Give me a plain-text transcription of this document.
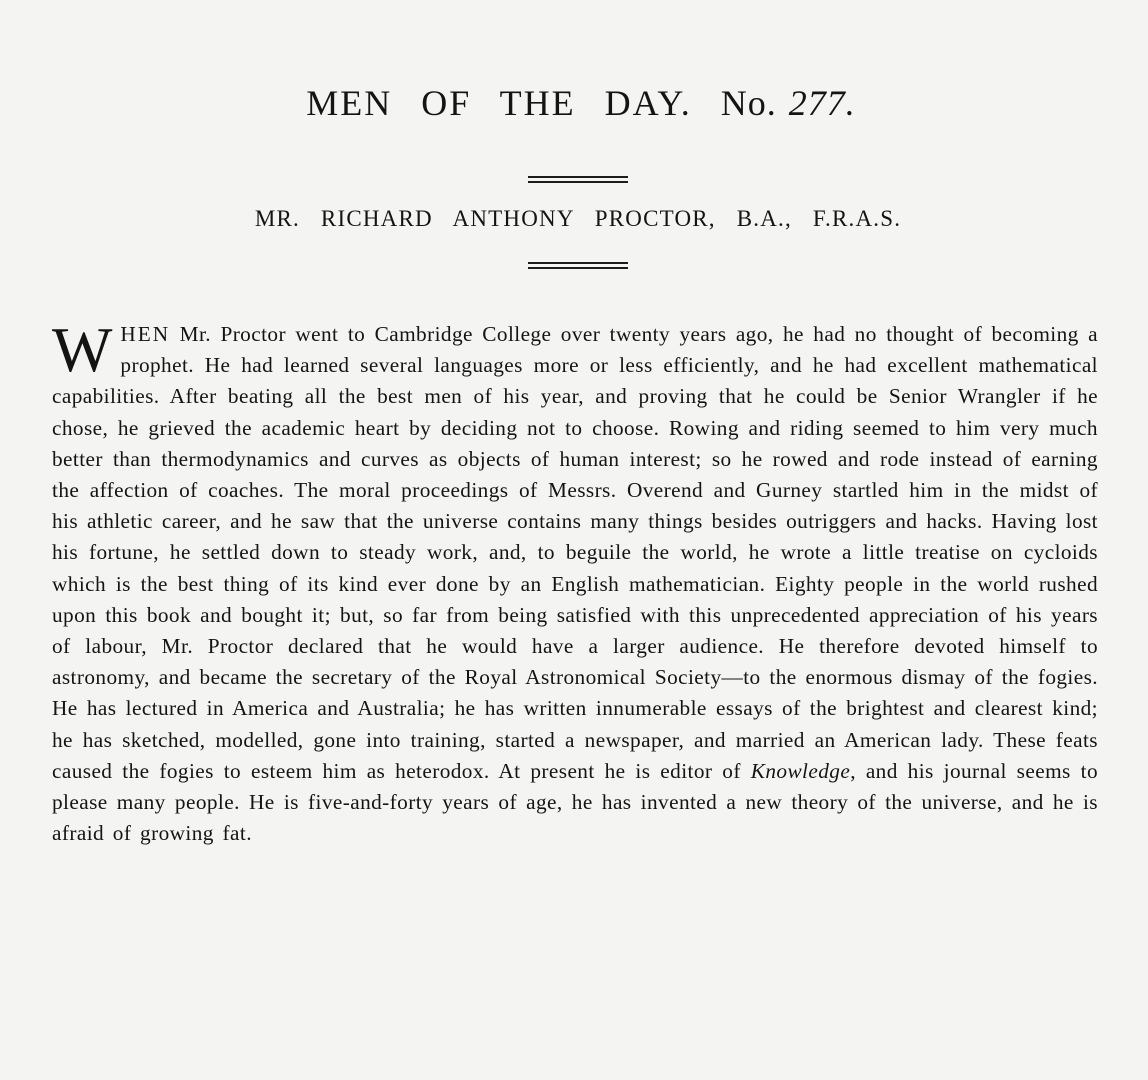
MEN OF THE DAY. No. 277.
MR. RICHARD ANTHONY PROCTOR, B.A., F.R.A.S.

WHEN Mr. Proctor went to Cambridge College over twenty years ago, he had no thought of becoming a prophet. He had learned several languages more or less efficiently, and he had excellent mathematical capabilities. After beating all the best men of his year, and proving that he could be Senior Wrangler if he chose, he grieved the academic heart by deciding not to choose. Rowing and riding seemed to him very much better than thermodynamics and curves as objects of human interest; so he rowed and rode instead of earning the affection of coaches. The moral proceedings of Messrs. Overend and Gurney startled him in the midst of his athletic career, and he saw that the universe contains many things besides outriggers and hacks. Having lost his fortune, he settled down to steady work, and, to beguile the world, he wrote a little treatise on cycloids which is the best thing of its kind ever done by an English mathematician. Eighty people in the world rushed upon this book and bought it; but, so far from being satisfied with this unprecedented appreciation of his years of labour, Mr. Proctor declared that he would have a larger audience. He therefore devoted himself to astronomy, and became the secretary of the Royal Astronomical Society—to the enormous dismay of the fogies. He has lectured in America and Australia; he has written innumerable essays of the brightest and clearest kind; he has sketched, modelled, gone into training, started a newspaper, and married an American lady. These feats caused the fogies to esteem him as heterodox. At present he is editor of Knowledge, and his journal seems to please many people. He is five-and-forty years of age, he has invented a new theory of the universe, and he is afraid of growing fat.
